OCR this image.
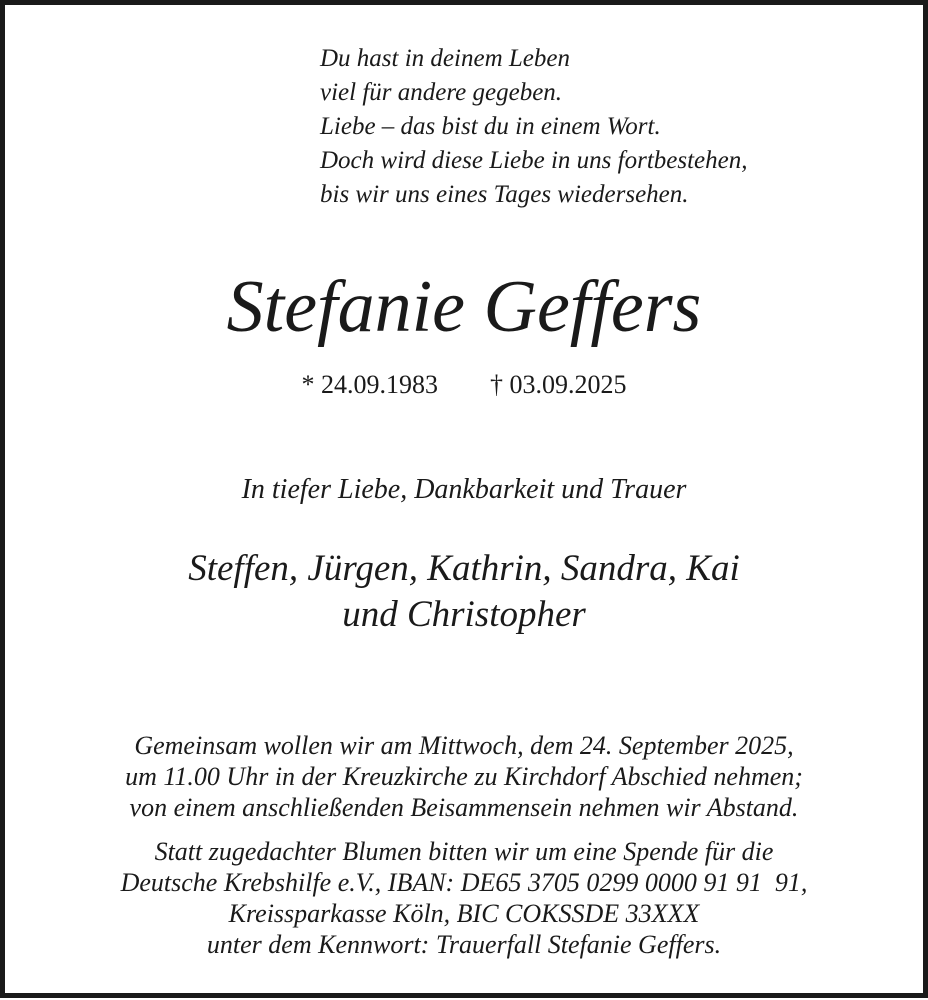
Du hast in deinem Leben
viel für andere gegeben.
Liebe – das bist du in einem Wort.
Doch wird diese Liebe in uns fortbestehen,
bis wir uns eines Tages wiedersehen.
Stefanie Geffers
* 24.09.1983 † 03.09.2025
In tiefer Liebe, Dankbarkeit und Trauer
Steffen, Jürgen, Kathrin, Sandra, Kai
und Christopher
Gemeinsam wollen wir am Mittwoch, dem 24. September 2025,
um 11.00 Uhr in der Kreuzkirche zu Kirchdorf Abschied nehmen;
von einem anschließenden Beisammensein nehmen wir Abstand.
Statt zugedachter Blumen bitten wir um eine Spende für die
Deutsche Krebshilfe e.V., IBAN: DE65 3705 0299 0000 91 91  91,
Kreissparkasse Köln, BIC COKSSDE 33XXX
unter dem Kennwort: Trauerfall Stefanie Geffers.
